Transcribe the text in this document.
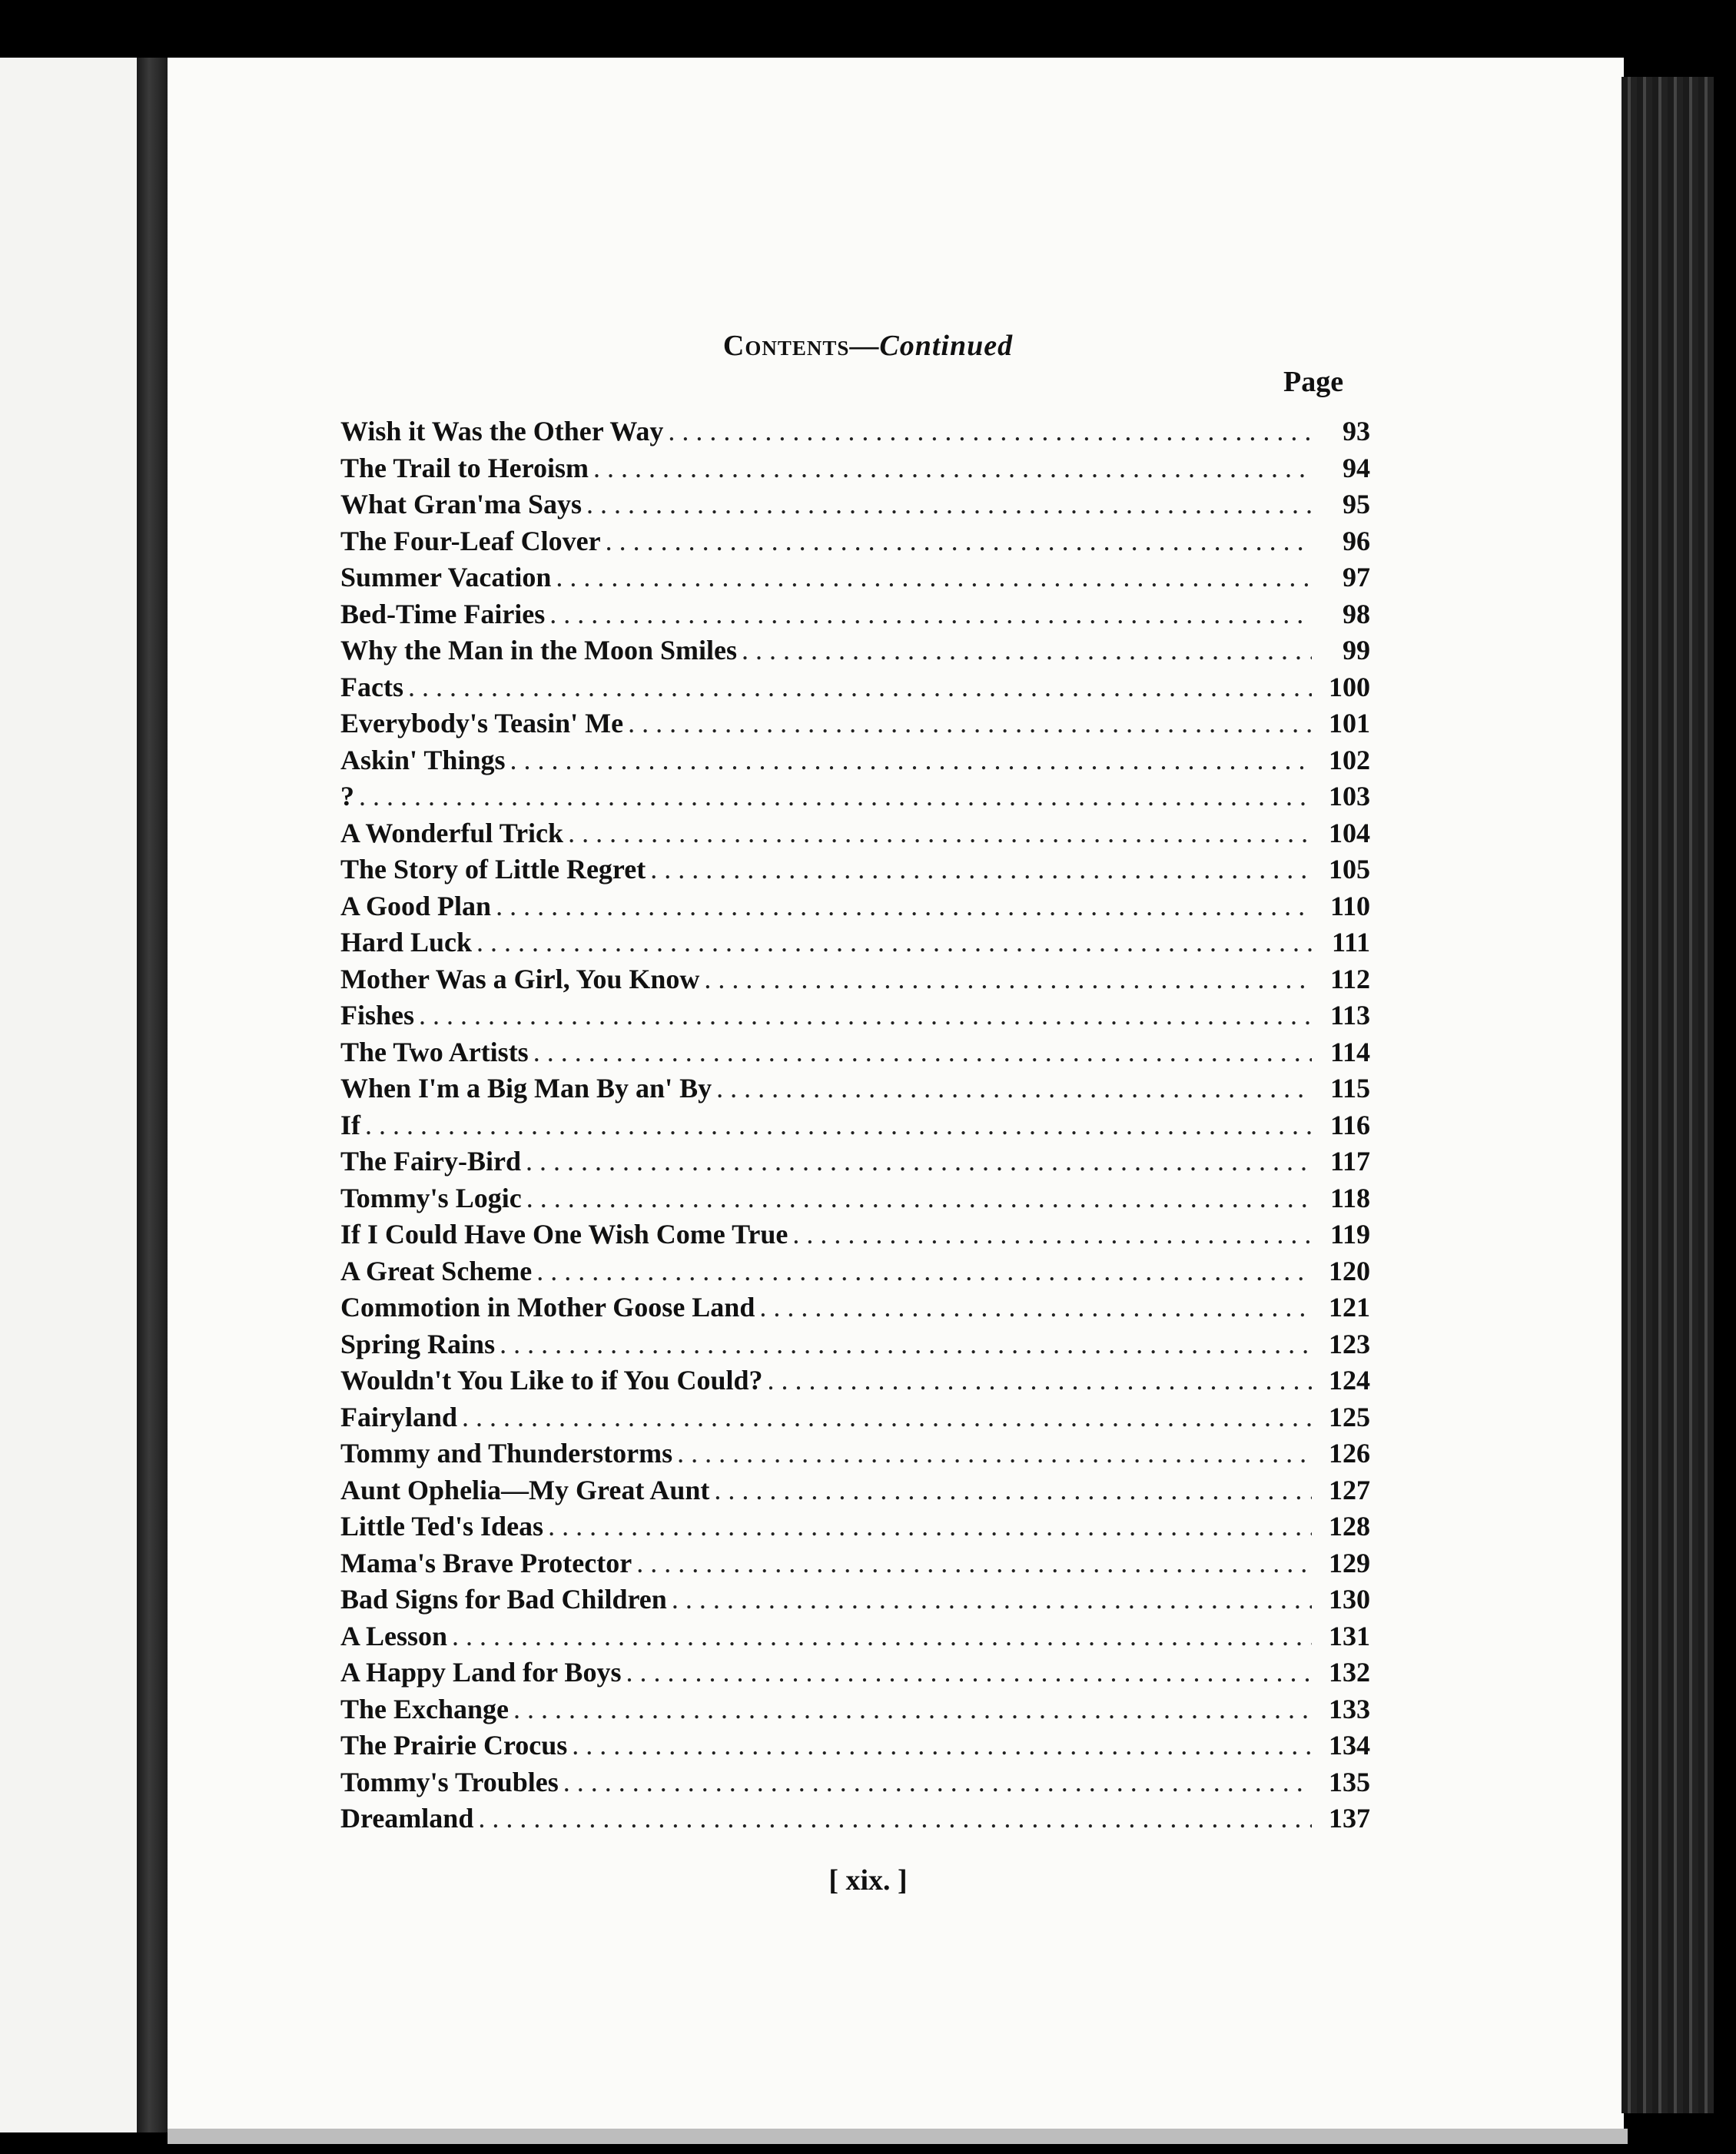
Contents—Continued
Page
Wish it Was the Other Way . . .	93
The Trail to Heroism . . .	94
What Gran'ma Says . . .	95
The Four-Leaf Clover . . .	96
Summer Vacation . . .	97
Bed-Time Fairies . . .	98
Why the Man in the Moon Smiles . . .	99
Facts . . .	100
Everybody's Teasin' Me . . .	101
Askin' Things . . .	102
? . . .	103
A Wonderful Trick . . .	104
The Story of Little Regret . . .	105
A Good Plan . . .	110
Hard Luck . . .	111
Mother Was a Girl, You Know . . .	112
Fishes . . .	113
The Two Artists . . .	114
When I'm a Big Man By an' By . . .	115
If . . .	116
The Fairy-Bird . . .	117
Tommy's Logic . . .	118
If I Could Have One Wish Come True . . .	119
A Great Scheme . . .	120
Commotion in Mother Goose Land . . .	121
Spring Rains . . .	123
Wouldn't You Like to if You Could? . . .	124
Fairyland . . .	125
Tommy and Thunderstorms . . .	126
Aunt Ophelia—My Great Aunt . . .	127
Little Ted's Ideas . . .	128
Mama's Brave Protector . . .	129
Bad Signs for Bad Children . . .	130
A Lesson . . .	131
A Happy Land for Boys . . .	132
The Exchange . . .	133
The Prairie Crocus . . .	134
Tommy's Troubles . . .	135
Dreamland . . .	137
[ xix. ]
